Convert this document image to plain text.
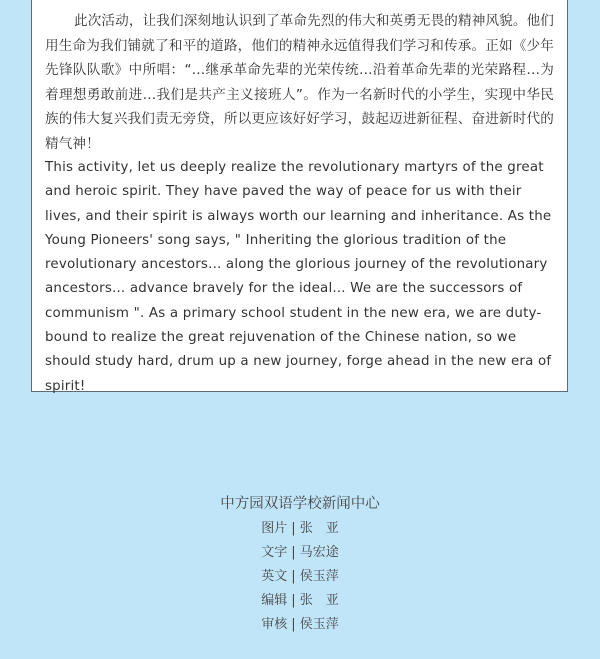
此次活动，让我们深刻地认识到了革命先烈的伟大和英勇无畏的精神风貌。他们用生命为我们铺就了和平的道路，他们的精神永远值得我们学习和传承。正如《少年先锋队队歌》中所唱：“…继承革命先辈的光荣传统…沿着革命先辈的光荣路程…为着理想勇敢前进…我们是共产主义接班人”。作为一名新时代的小学生，实现中华民族的伟大复兴我们责无旁贷，所以更应该好好学习，鼓起迈进新征程、奋进新时代的精气神！

This activity, let us deeply realize the revolutionary martyrs of the great and heroic spirit. They have paved the way of peace for us with their lives, and their spirit is always worth our learning and inheritance. As the Young Pioneers' song says, " Inheriting the glorious tradition of the revolutionary ancestors... along the glorious journey of the revolutionary ancestors... advance bravely for the ideal... We are the successors of communism ". As a primary school student in the new era, we are duty-bound to realize the great rejuvenation of the Chinese nation, so we should study hard, drum up a new journey, forge ahead in the new era of spirit!

中方园双语学校新闻中心
图片 | 张　亚
文字 | 马宏途
英文 | 侯玉萍
编辑 | 张　亚
审核 | 侯玉萍
